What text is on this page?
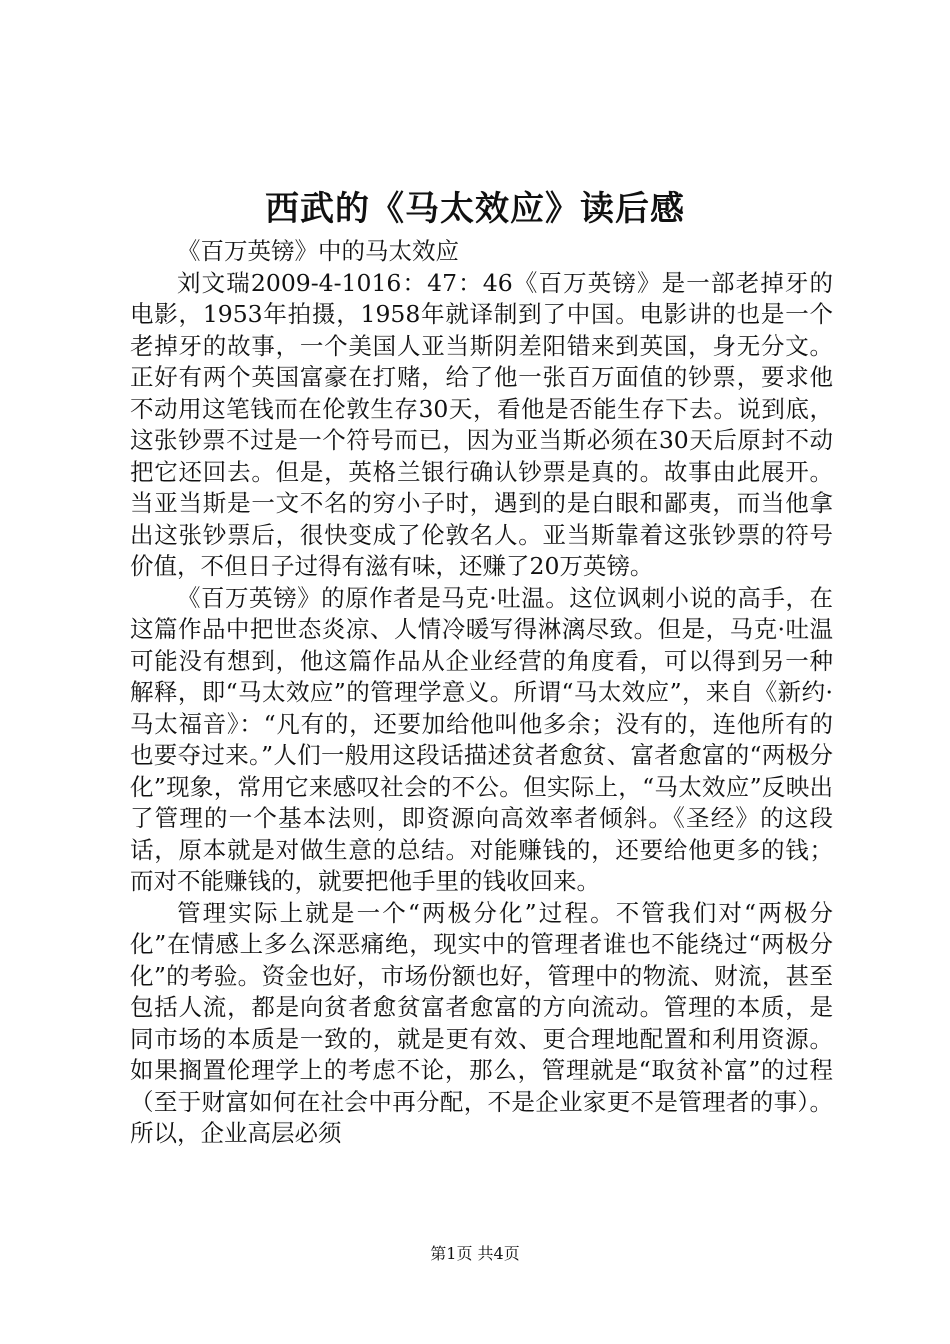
西武的《马太效应》读后感

《百万英镑》中的马太效应

刘文瑞2009-4-1016：47：46《百万英镑》是一部老掉牙的电影，1953年拍摄，1958年就译制到了中国。电影讲的也是一个老掉牙的故事，一个美国人亚当斯阴差阳错来到英国，身无分文。正好有两个英国富豪在打赌，给了他一张百万面值的钞票，要求他不动用这笔钱而在伦敦生存30天，看他是否能生存下去。说到底，这张钞票不过是一个符号而已，因为亚当斯必须在30天后原封不动把它还回去。但是，英格兰银行确认钞票是真的。故事由此展开。当亚当斯是一文不名的穷小子时，遇到的是白眼和鄙夷，而当他拿出这张钞票后，很快变成了伦敦名人。亚当斯靠着这张钞票的符号价值，不但日子过得有滋有味，还赚了20万英镑。

《百万英镑》的原作者是马克·吐温。这位讽刺小说的高手，在这篇作品中把世态炎凉、人情冷暖写得淋漓尽致。但是，马克·吐温可能没有想到，他这篇作品从企业经营的角度看，可以得到另一种解释，即“马太效应”的管理学意义。所谓“马太效应”，来自《新约·马太福音》：“凡有的，还要加给他叫他多余；没有的，连他所有的也要夺过来。”人们一般用这段话描述贫者愈贫、富者愈富的“两极分化”现象，常用它来感叹社会的不公。但实际上，“马太效应”反映出了管理的一个基本法则，即资源向高效率者倾斜。《圣经》的这段话，原本就是对做生意的总结。对能赚钱的，还要给他更多的钱；而对不能赚钱的，就要把他手里的钱收回来。

管理实际上就是一个“两极分化”过程。不管我们对“两极分化”在情感上多么深恶痛绝，现实中的管理者谁也不能绕过“两极分化”的考验。资金也好，市场份额也好，管理中的物流、财流，甚至包括人流，都是向贫者愈贫富者愈富的方向流动。管理的本质，是同市场的本质是一致的，就是更有效、更合理地配置和利用资源。如果搁置伦理学上的考虑不论，那么，管理就是“取贫补富”的过程（至于财富如何在社会中再分配，不是企业家更不是管理者的事）。所以，企业高层必须

第1页 共4页
